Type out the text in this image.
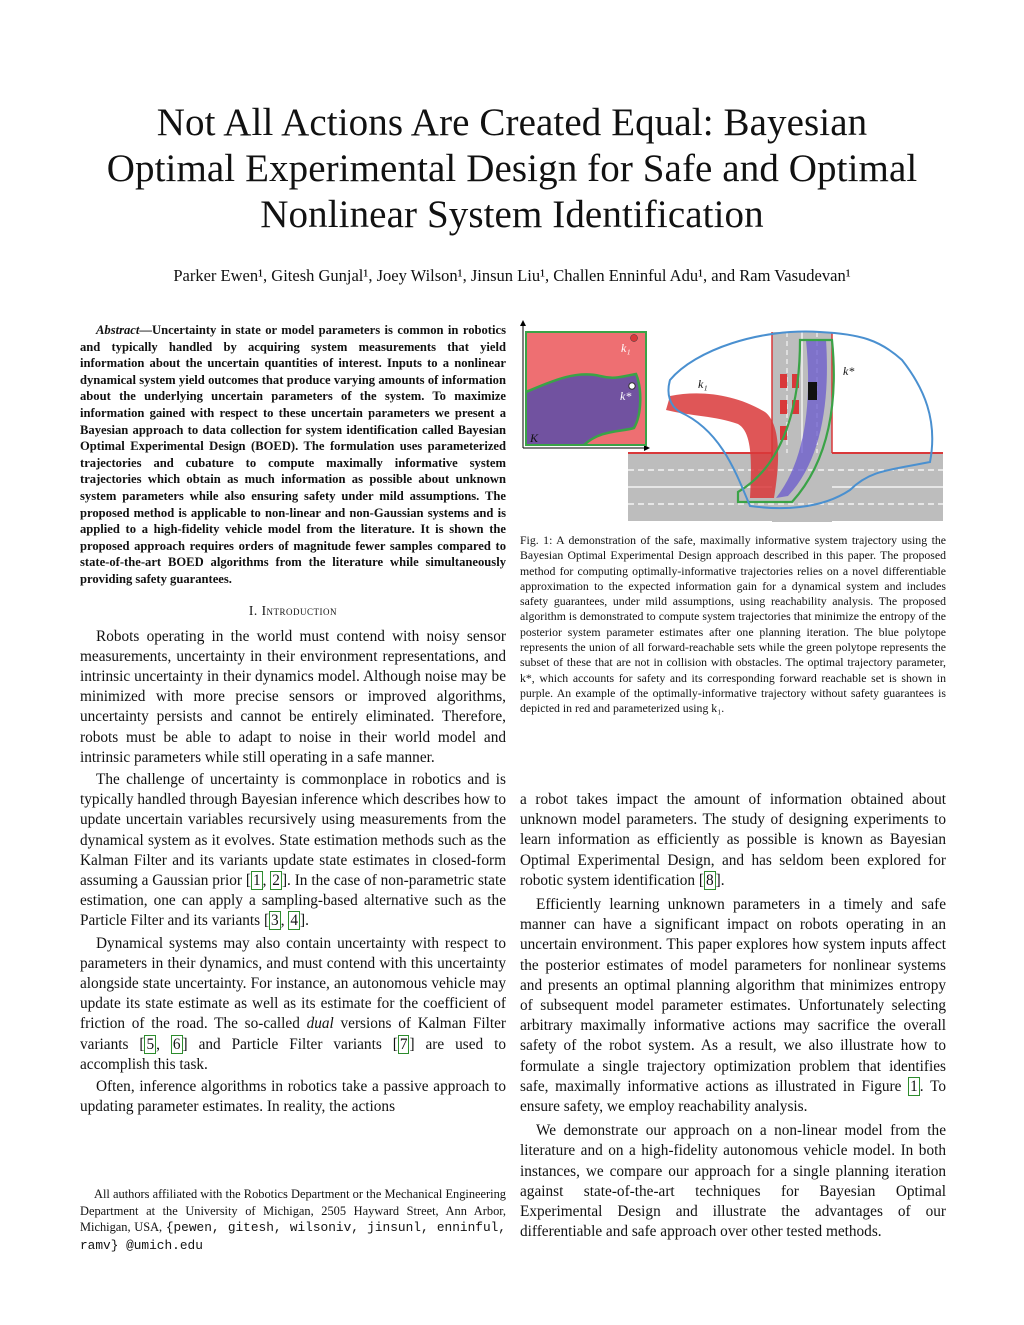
Not All Actions Are Created Equal: Bayesian
Optimal Experimental Design for Safe and Optimal
Nonlinear System Identification
Parker Ewen¹, Gitesh Gunjal¹, Joey Wilson¹, Jinsun Liu¹, Challen Enninful Adu¹, and Ram Vasudevan¹

Abstract—Uncertainty in state or model parameters is common in robotics and typically handled by acquiring system measurements that yield information about the uncertain quantities of interest. Inputs to a nonlinear dynamical system yield outcomes that produce varying amounts of information about the underlying uncertain parameters of the system. To maximize information gained with respect to these uncertain parameters we present a Bayesian approach to data collection for system identification called Bayesian Optimal Experimental Design (BOED). The formulation uses parameterized trajectories and cubature to compute maximally informative system trajectories which obtain as much information as possible about unknown system parameters while also ensuring safety under mild assumptions. The proposed method is applicable to non-linear and non-Gaussian systems and is applied to a high-fidelity vehicle model from the literature. It is shown the proposed approach requires orders of magnitude fewer samples compared to state-of-the-art BOED algorithms from the literature while simultaneously providing safety guarantees.

I. Introduction

Robots operating in the world must contend with noisy sensor measurements, uncertainty in their environment representations, and intrinsic uncertainty in their dynamics model. Although noise may be minimized with more precise sensors or improved algorithms, uncertainty persists and cannot be entirely eliminated. Therefore, robots must be able to adapt to noise in their world model and intrinsic parameters while still operating in a safe manner.

The challenge of uncertainty is commonplace in robotics and is typically handled through Bayesian inference which describes how to update uncertain variables recursively using measurements from the dynamical system as it evolves. State estimation methods such as the Kalman Filter and its variants update state estimates in closed-form assuming a Gaussian prior [ 1 , 2 ]. In the case of non-parametric state estimation, one can apply a sampling-based alternative such as the Particle Filter and its variants [ 3 , 4 ].

Dynamical systems may also contain uncertainty with respect to parameters in their dynamics, and must contend with this uncertainty alongside state uncertainty. For instance, an autonomous vehicle may update its state estimate as well as its estimate for the coefficient of friction of the road. The so-called dual versions of Kalman Filter variants [ 5 , 6 ] and Particle Filter variants [ 7 ] are used to accomplish this task.

Often, inference algorithms in robotics take a passive approach to updating parameter estimates. In reality, the actions

All authors affiliated with the Robotics Department or the Mechanical Engineering Department at the University of Michigan, 2505 Hayward Street, Ann Arbor, Michigan, USA, {pewen, gitesh, wilsoniv, jinsunl, enninful, ramv} @umich.edu
k₁
k*
K
k₁
k*
Fig. 1: A demonstration of the safe, maximally informative system trajectory using the Bayesian Optimal Experimental Design approach described in this paper. The proposed method for computing optimally-informative trajectories relies on a novel differentiable approximation to the expected information gain for a dynamical system and includes safety guarantees, under mild assumptions, using reachability analysis. The proposed algorithm is demonstrated to compute system trajectories that minimize the entropy of the posterior system parameter estimates after one planning iteration. The blue polytope represents the union of all forward-reachable sets while the green polytope represents the subset of these that are not in collision with obstacles. The optimal trajectory parameter, k*, which accounts for safety and its corresponding forward reachable set is shown in purple. An example of the optimally-informative trajectory without safety guarantees is depicted in red and parameterized using k₁.

a robot takes impact the amount of information obtained about unknown model parameters. The study of designing experiments to learn information as efficiently as possible is known as Bayesian Optimal Experimental Design, and has seldom been explored for robotic system identification [ 8 ].

Efficiently learning unknown parameters in a timely and safe manner can have a significant impact on robots operating in an uncertain environment. This paper explores how system inputs affect the posterior estimates of model parameters for nonlinear systems and presents an optimal planning algorithm that minimizes entropy of subsequent model parameter estimates. Unfortunately selecting arbitrary maximally informative actions may sacrifice the overall safety of the robot system. As a result, we also illustrate how to formulate a single trajectory optimization problem that identifies safe, maximally informative actions as illustrated in Figure 1 . To ensure safety, we employ reachability analysis.

We demonstrate our approach on a non-linear model from the literature and on a high-fidelity autonomous vehicle model. In both instances, we compare our approach for a single planning iteration against state-of-the-art techniques for Bayesian Optimal Experimental Design and illustrate the advantages of our differentiable and safe approach over other tested methods.
